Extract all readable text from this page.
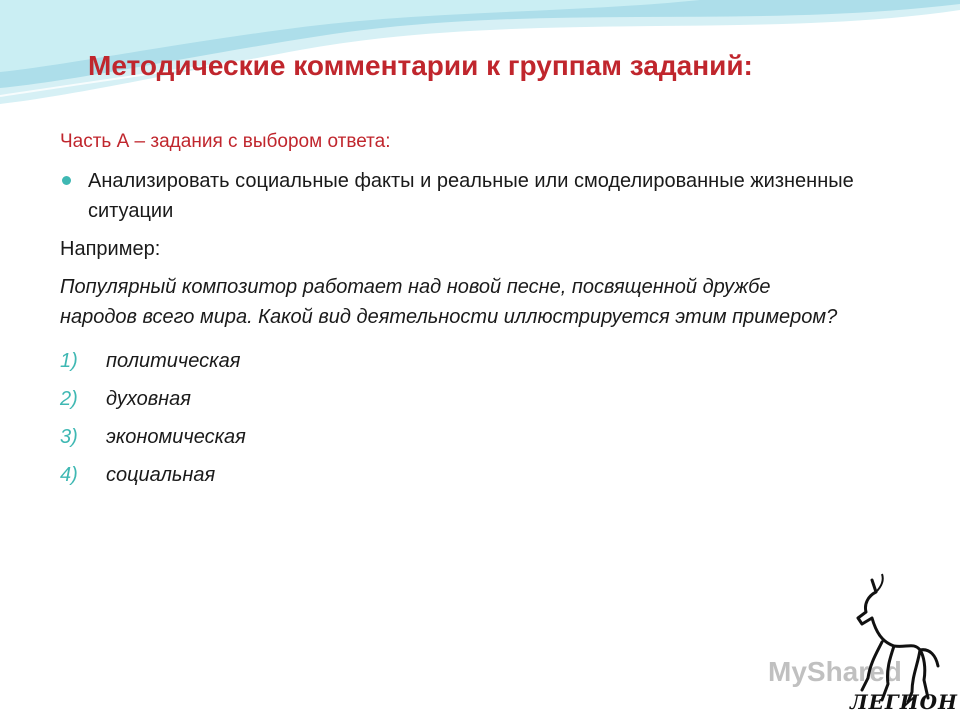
Методические комментарии к группам заданий:
Часть А – задания с выбором ответа:
Анализировать социальные факты и реальные или смоделированные жизненные ситуации
Например:
Популярный композитор работает над новой песне, посвященной дружбе народов всего мира. Какой вид деятельности иллюстрируется этим примером?
1) политическая
2) духовная
3) экономическая
4) социальная
MyShared
ЛЕГИОН
